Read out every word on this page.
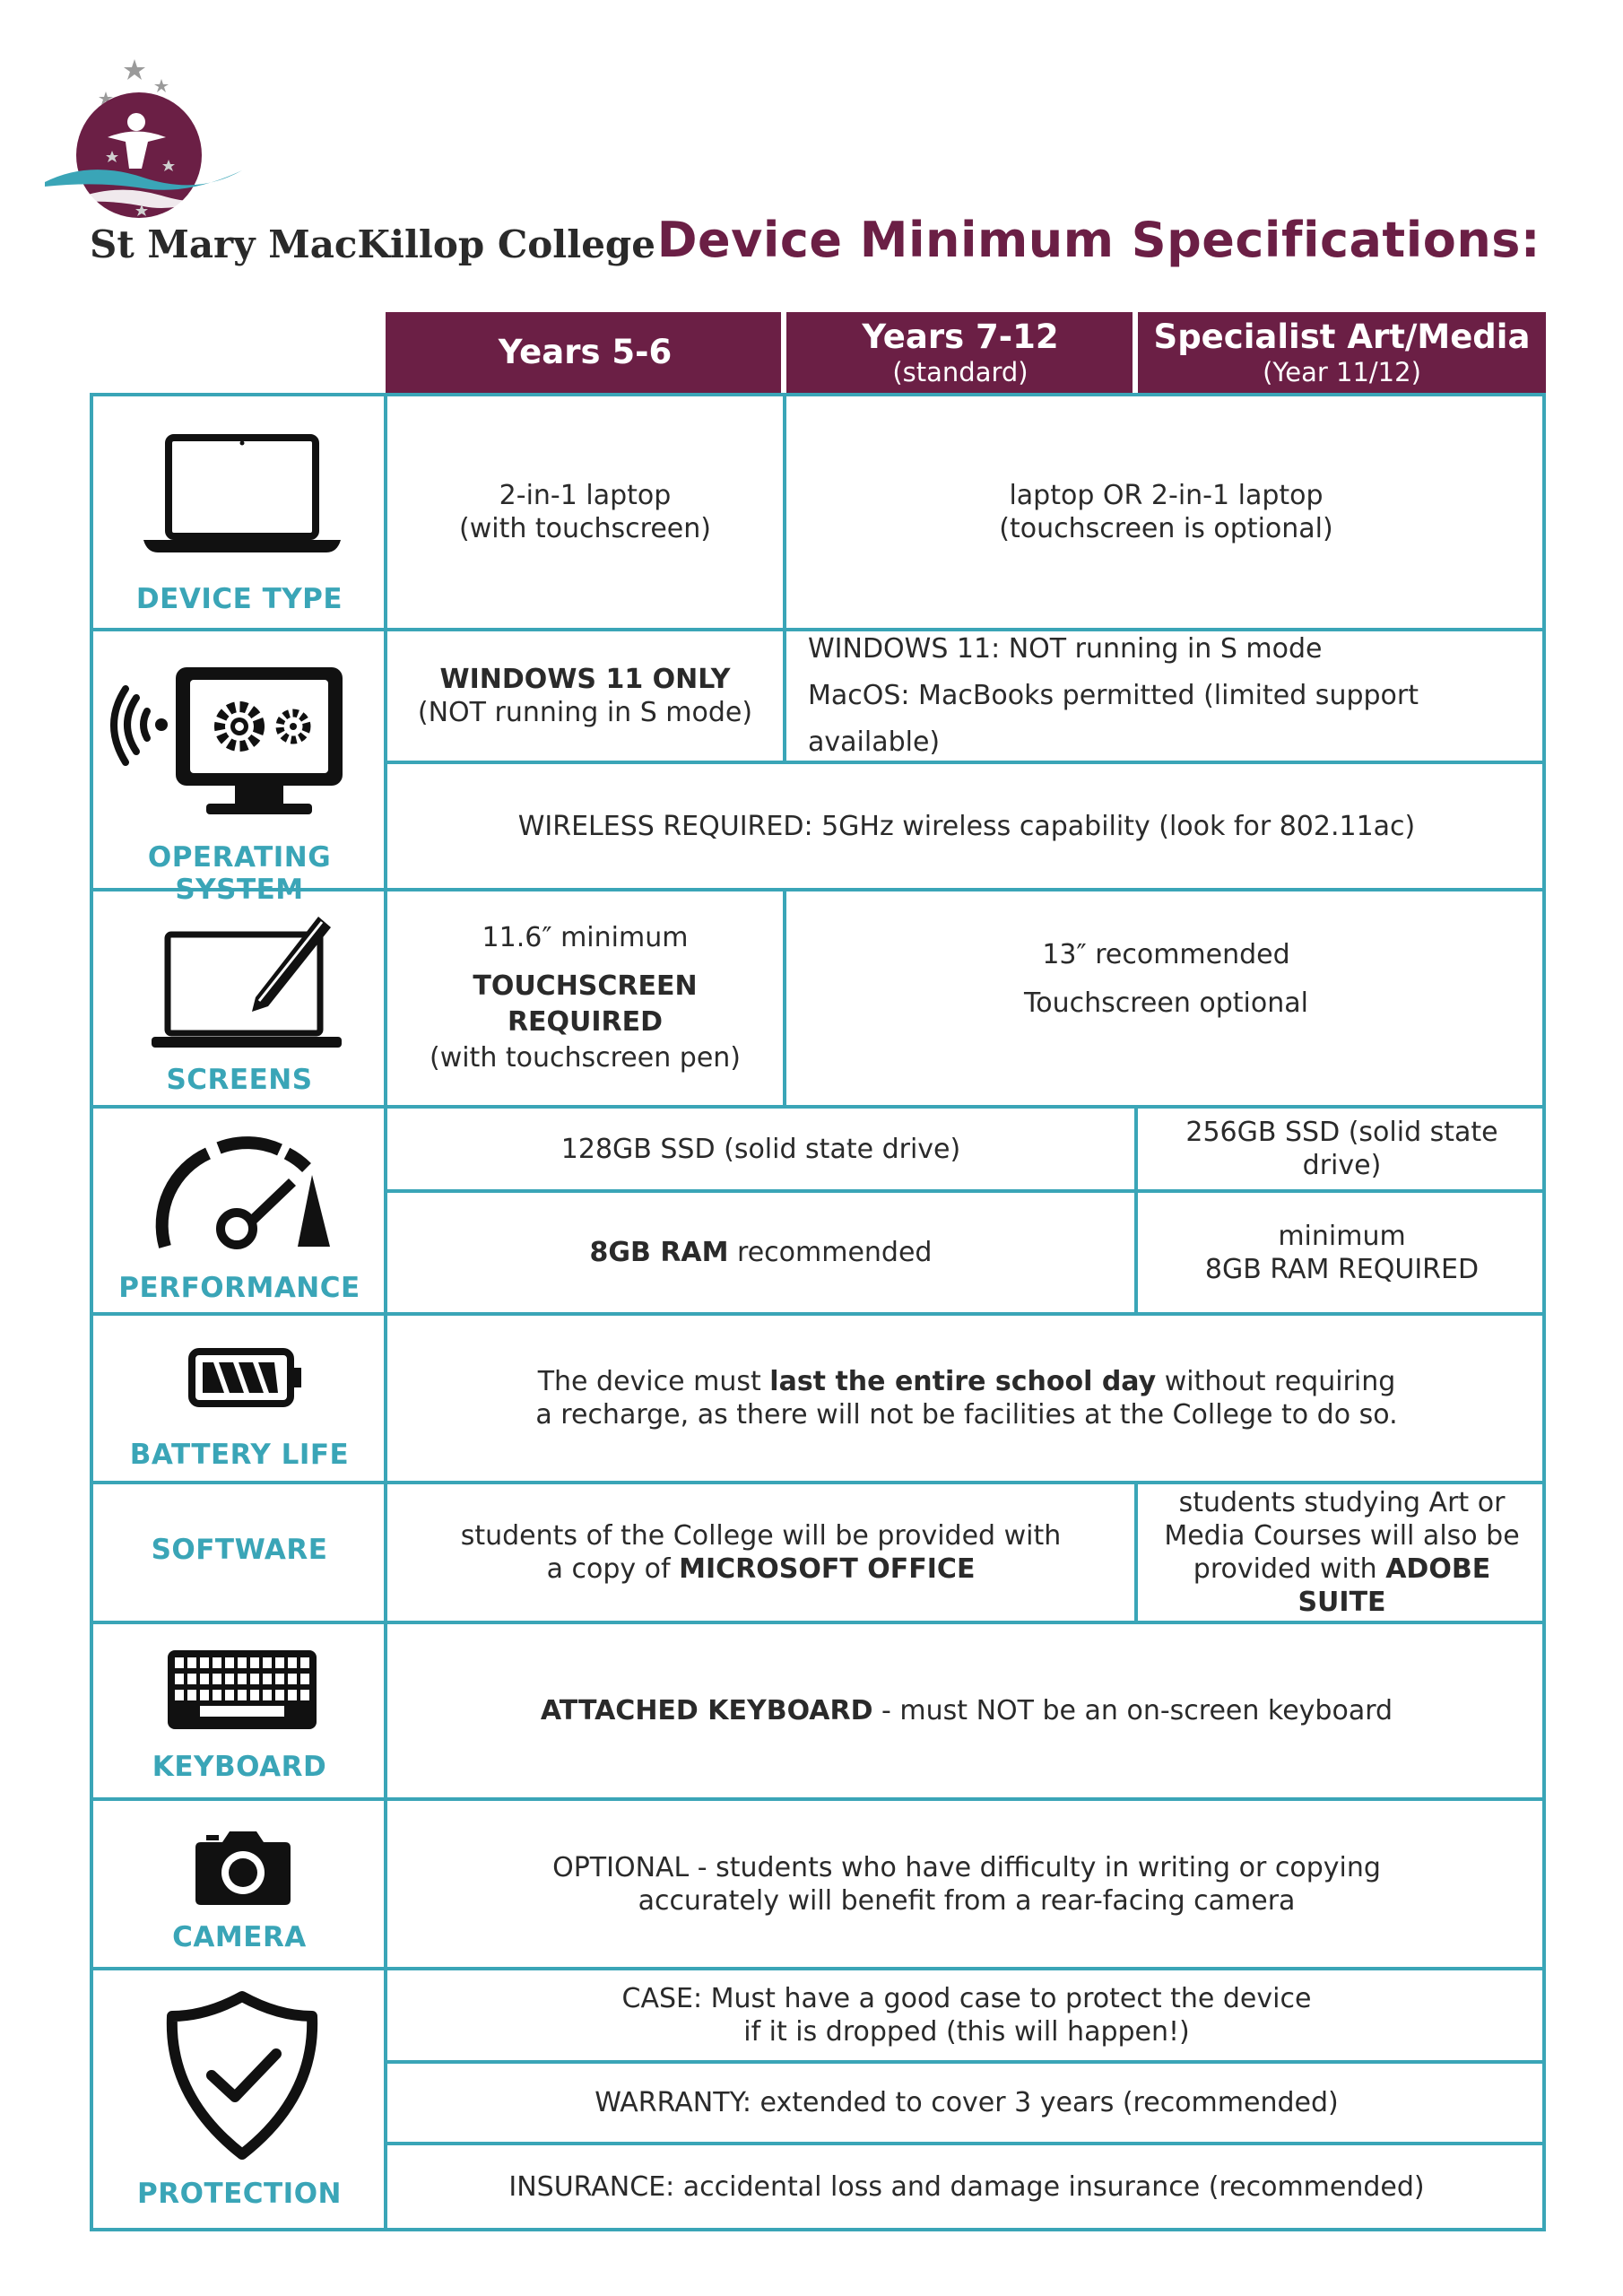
St Mary MacKillop College Device Minimum Specifications:
Years 5-6	Years 7-12
(standard)
Specialist Art/Media
(Year 11/12)
DEVICE TYPE
2-in-1 laptop
(with touchscreen)
laptop OR 2-in-1 laptop
(touchscreen is optional)
OPERATING SYSTEM
WINDOWS 11 ONLY
(NOT running in S mode)
WINDOWS 11: NOT running in S mode
MacOS: MacBooks permitted (limited support available)
WIRELESS REQUIRED: 5GHz wireless capability (look for 802.11ac)
SCREENS
11.6″ minimum
TOUCHSCREEN REQUIRED
(with touchscreen pen)
13″ recommended
Touchscreen optional
PERFORMANCE
128GB SSD (solid state drive)
256GB SSD (solid state drive)
8GB RAM recommended
minimum
8GB RAM REQUIRED
BATTERY LIFE
The device must last the entire school day without requiring
a recharge, as there will not be facilities at the College to do so.
SOFTWARE	students of the College will be provided with
a copy of MICROSOFT OFFICE
students studying Art or
Media Courses will also be
provided with ADOBE SUITE
KEYBOARD
ATTACHED KEYBOARD - must NOT be an on-screen keyboard
CAMERA
OPTIONAL - students who have difficulty in writing or copying
accurately will benefit from a rear-facing camera
PROTECTION
CASE: Must have a good case to protect the device
if it is dropped (this will happen!)
WARRANTY: extended to cover 3 years (recommended)
INSURANCE: accidental loss and damage insurance (recommended)
